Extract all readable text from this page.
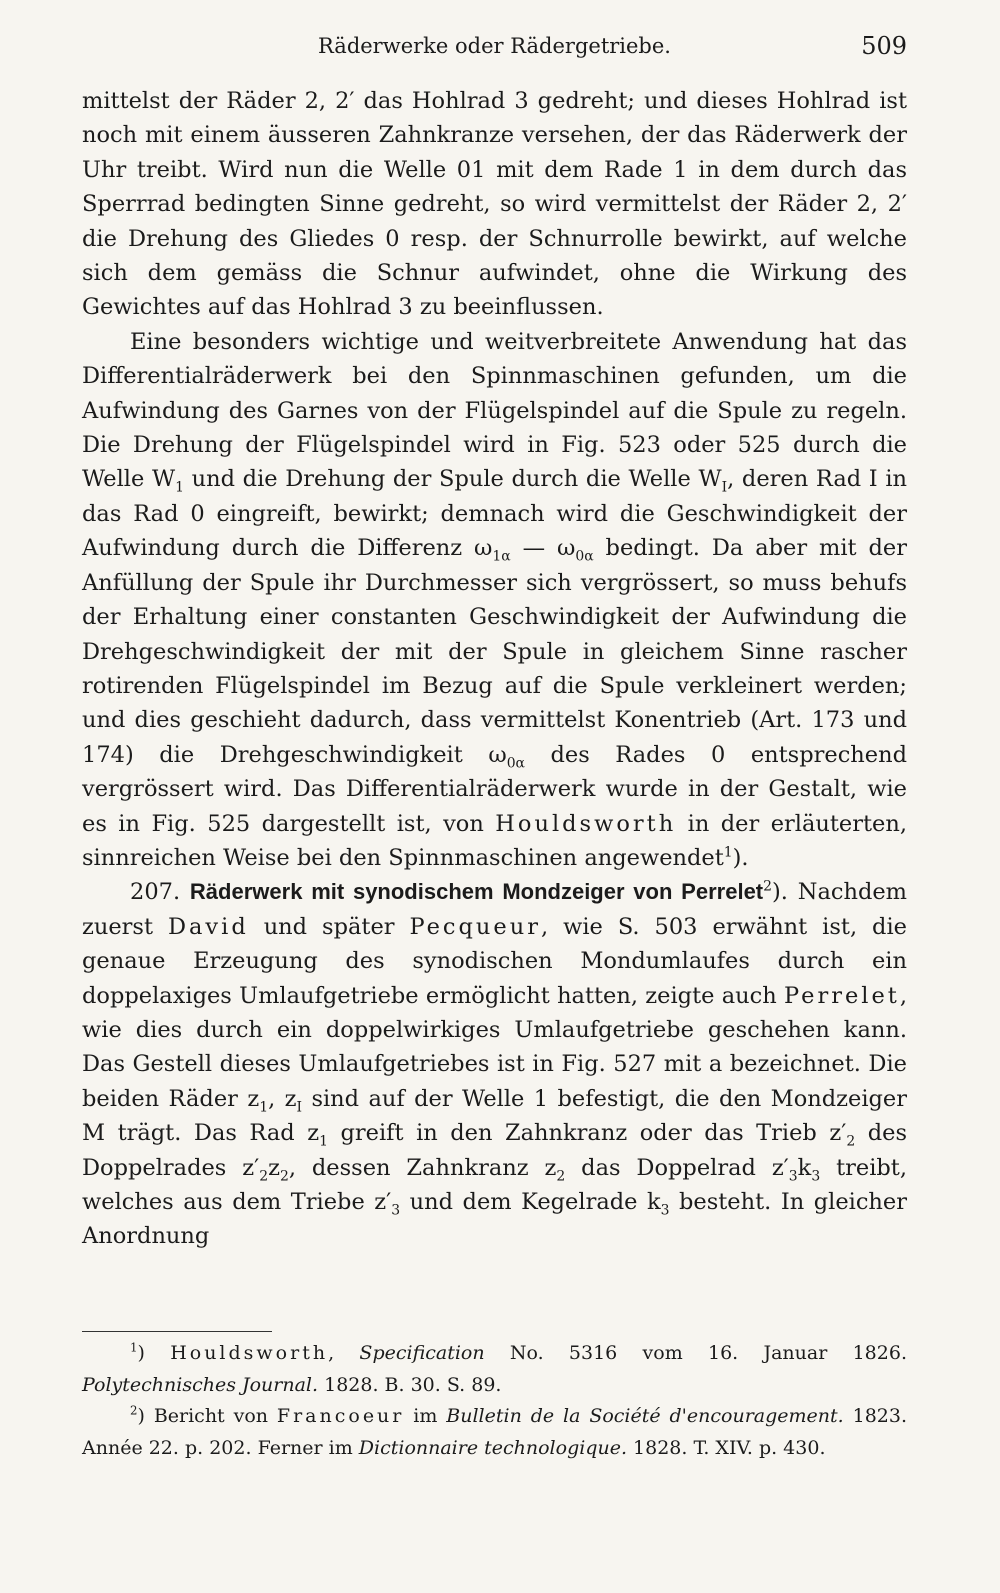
Räderwerke oder Rädergetriebe.	509

mittelst der Räder 2, 2′ das Hohlrad 3 gedreht; und dieses Hohlrad ist noch mit einem äusseren Zahnkranze versehen, der das Räderwerk der Uhr treibt. Wird nun die Welle 01 mit dem Rade 1 in dem durch das Sperrrad bedingten Sinne gedreht, so wird vermittelst der Räder 2, 2′ die Drehung des Gliedes 0 resp. der Schnurrolle bewirkt, auf welche sich dem gemäss die Schnur aufwindet, ohne die Wirkung des Gewichtes auf das Hohlrad 3 zu beeinflussen.

Eine besonders wichtige und weitverbreitete Anwendung hat das Differentialräderwerk bei den Spinnmaschinen gefunden, um die Aufwindung des Garnes von der Flügelspindel auf die Spule zu regeln. Die Drehung der Flügelspindel wird in Fig. 523 oder 525 durch die Welle $W_1$ und die Drehung der Spule durch die Welle $W_I$, deren Rad I in das Rad 0 eingreift, bewirkt; demnach wird die Geschwindigkeit der Aufwindung durch die Differenz $\omega_{1\alpha}$ — $\omega_{0\alpha}$ bedingt. Da aber mit der Anfüllung der Spule ihr Durchmesser sich vergrössert, so muss behufs der Erhaltung einer constanten Geschwindigkeit der Aufwindung die Drehgeschwindigkeit der mit der Spule in gleichem Sinne rascher rotirenden Flügelspindel im Bezug auf die Spule verkleinert werden; und dies geschieht dadurch, dass vermittelst Konentrieb (Art. 173 und 174) die Drehgeschwindigkeit $\omega_{0\alpha}$ des Rades 0 entsprechend vergrössert wird. Das Differentialräderwerk wurde in der Gestalt, wie es in Fig. 525 dargestellt ist, von Houldsworth in der erläuterten, sinnreichen Weise bei den Spinnmaschinen angewendet$^1$).

207. Räderwerk mit synodischem Mondzeiger von Perrelet$^2$). Nachdem zuerst David und später Pecqueur, wie S. 503 erwähnt ist, die genaue Erzeugung des synodischen Mondumlaufes durch ein doppelaxiges Umlaufgetriebe ermöglicht hatten, zeigte auch Perrelet, wie dies durch ein doppelwirkiges Umlaufgetriebe geschehen kann. Das Gestell dieses Umlaufgetriebes ist in Fig. 527 mit a bezeichnet. Die beiden Räder $z_1$, $z_I$ sind auf der Welle 1 befestigt, die den Mondzeiger M trägt. Das Rad $z_1$ greift in den Zahnkranz oder das Trieb $z'_2$ des Doppelrades $z'_2z_2$, dessen Zahnkranz $z_2$ das Doppelrad $z'_3k_3$ treibt, welches aus dem Triebe $z'_3$ und dem Kegelrade $k_3$ besteht. In gleicher Anordnung

$^1$) Houldsworth, Specification No. 5316 vom 16. Januar 1826. Polytechnisches Journal. 1828. B. 30. S. 89.

$^2$) Bericht von Francoeur im Bulletin de la Société d'encouragement. 1823. Année 22. p. 202. Ferner im Dictionnaire technologique. 1828. T. XIV. p. 430.
